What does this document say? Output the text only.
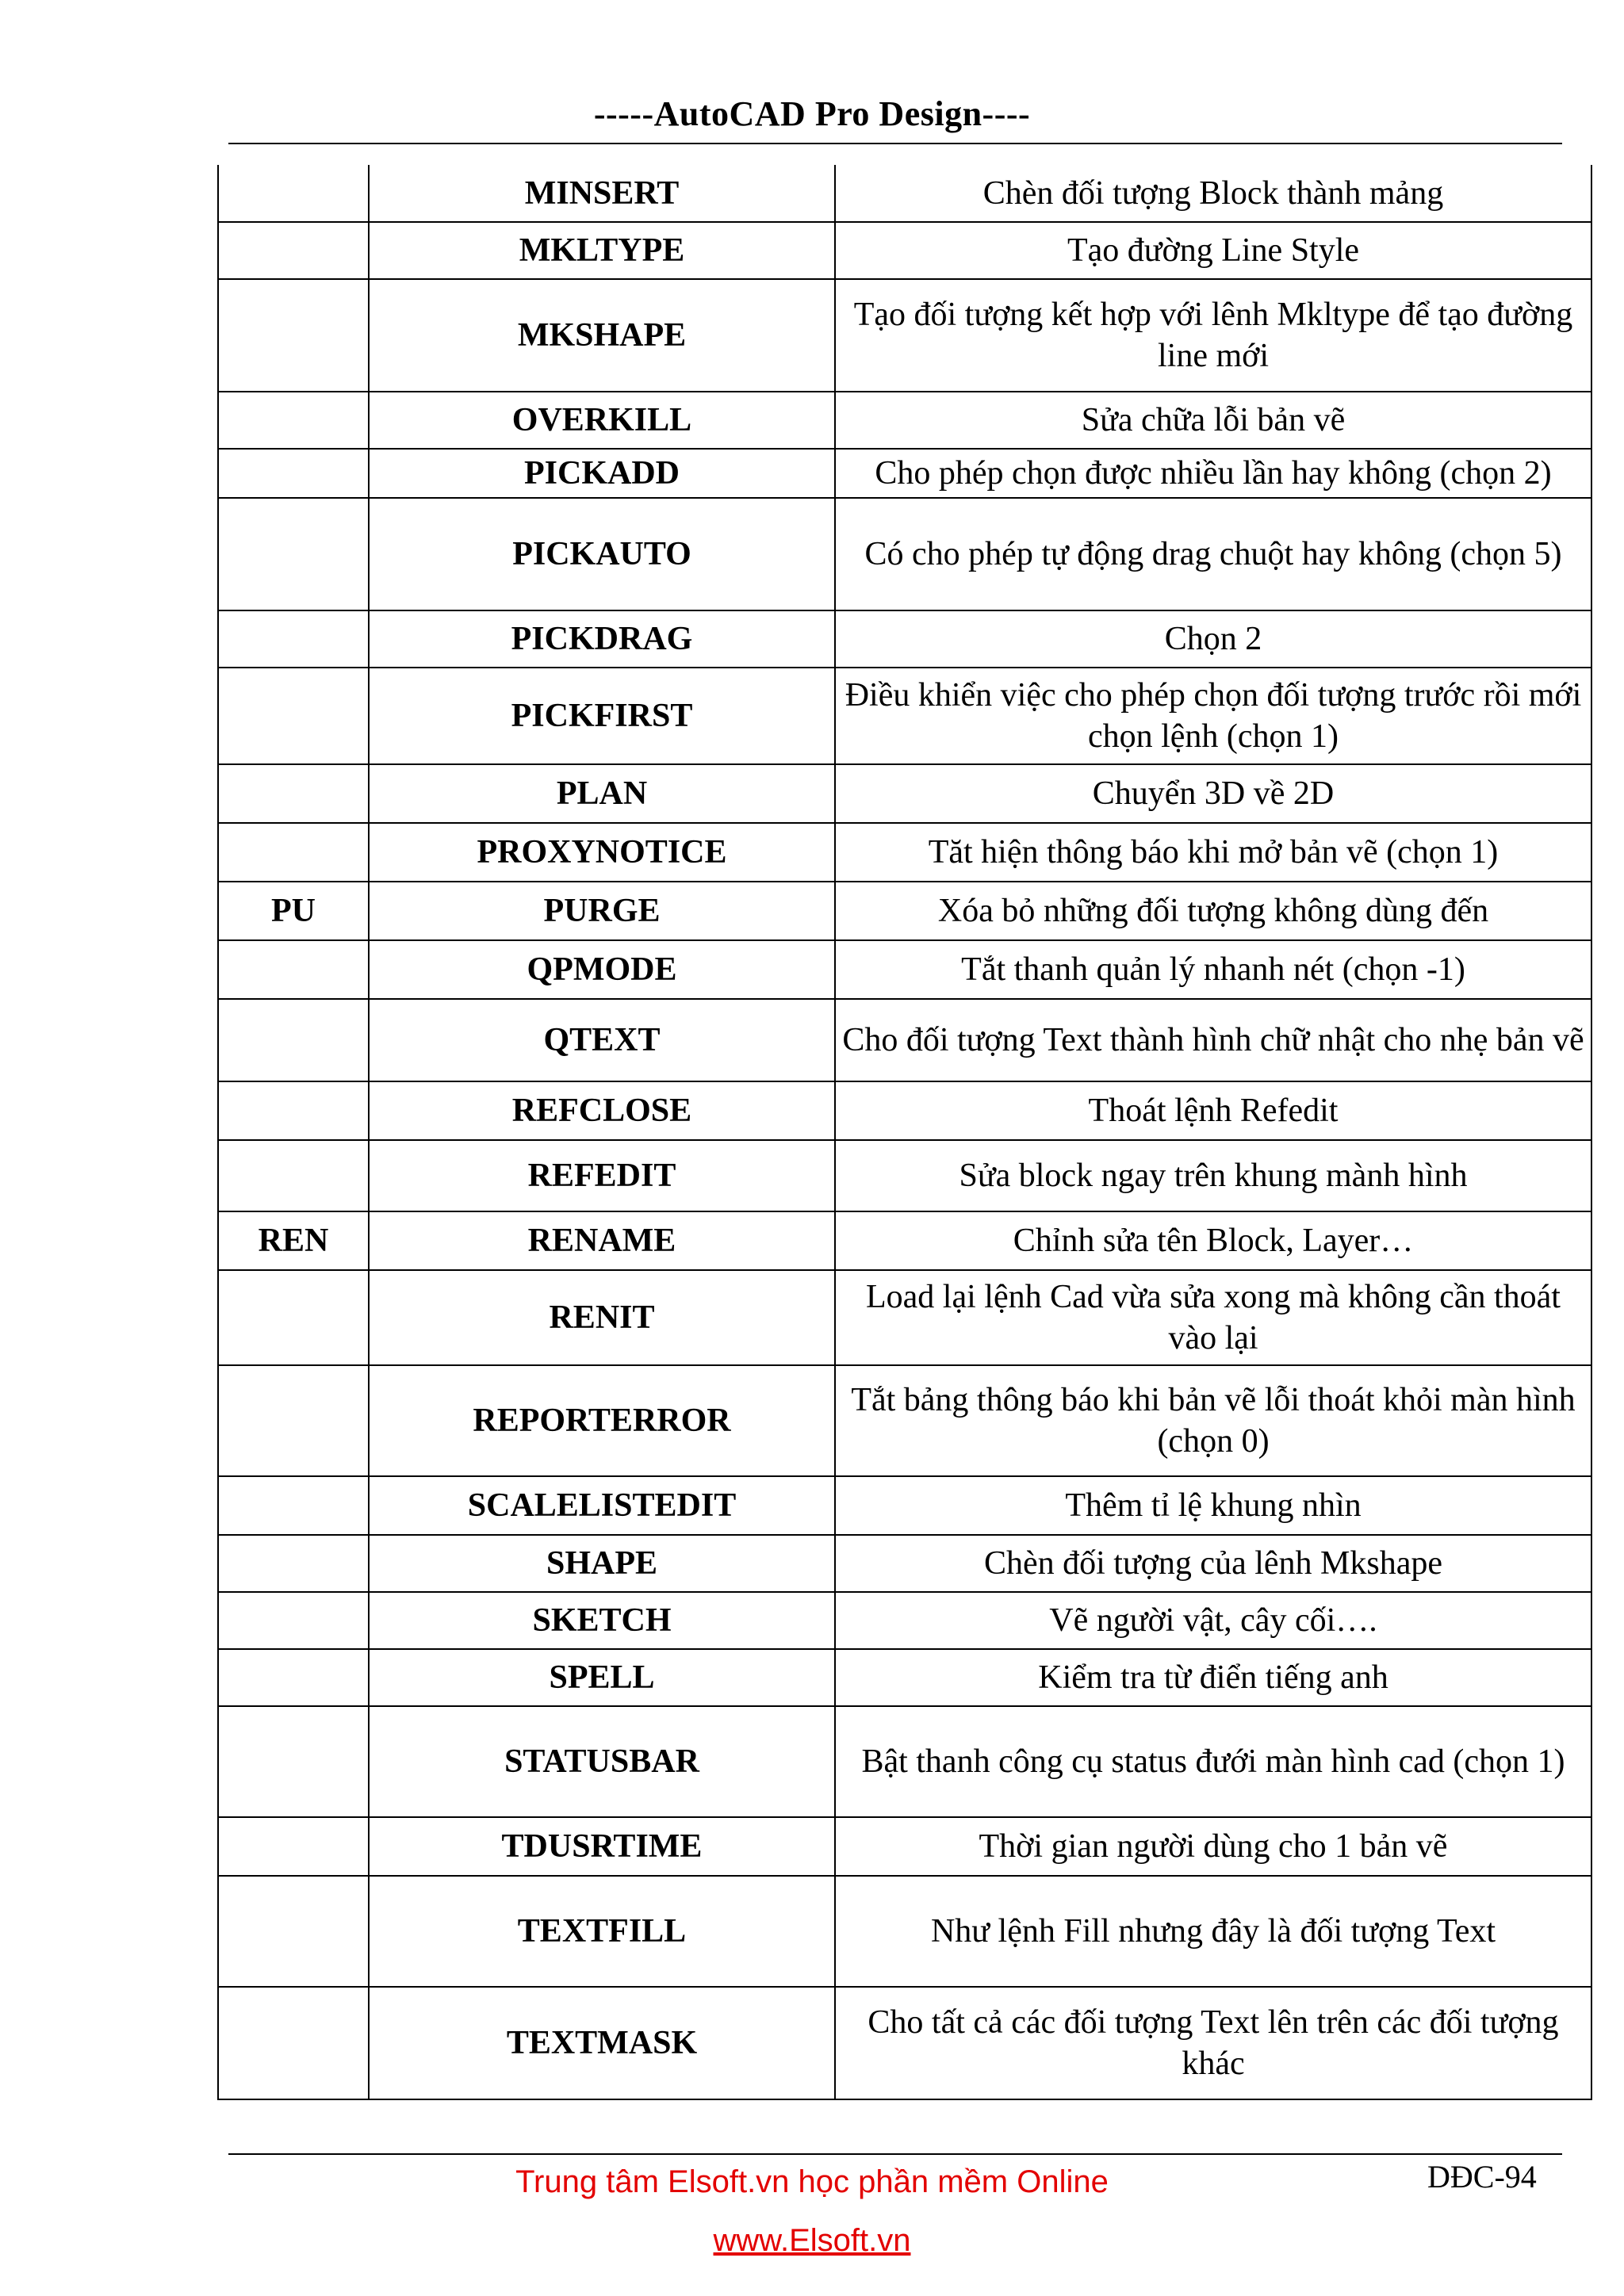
-----AutoCAD Pro Design----
	MINSERT	Chèn đối tượng Block thành mảng
	MKLTYPE	Tạo đường Line Style
	MKSHAPE	Tạo đối tượng kết hợp với lênh Mkltype để tạo đường line mới
	OVERKILL	Sửa chữa lỗi bản vẽ
	PICKADD	Cho phép chọn được nhiều lần hay không (chọn 2)
	PICKAUTO	Có cho phép tự động drag chuột hay không (chọn 5)
	PICKDRAG	Chọn 2
	PICKFIRST	Điều khiển việc cho phép chọn đối tượng trước rồi mới chọn lệnh (chọn 1)
	PLAN	Chuyển 3D về 2D
	PROXYNOTICE	Tăt hiện thông báo khi mở bản vẽ (chọn 1)
PU	PURGE	Xóa bỏ những đối tượng không dùng đến
	QPMODE	Tắt thanh quản lý nhanh nét (chọn -1)
	QTEXT	Cho đối tượng Text thành hình chữ nhật cho nhẹ bản vẽ
	REFCLOSE	Thoát lệnh Refedit
	REFEDIT	Sửa block ngay trên khung mành hình
REN	RENAME	Chỉnh sửa tên Block, Layer…
	RENIT	Load lại lệnh Cad vừa sửa xong mà không cần thoát vào lại
	REPORTERROR	Tắt bảng thông báo khi bản vẽ lỗi thoát khỏi màn hình (chọn 0)
	SCALELISTEDIT	Thêm tỉ lệ khung nhìn
	SHAPE	Chèn đối tượng của lênh Mkshape
	SKETCH	Vẽ người vật, cây cối….
	SPELL	Kiểm tra từ điển tiếng anh
	STATUSBAR	Bật thanh công cụ status đưới màn hình cad (chọn 1)
	TDUSRTIME	Thời gian người dùng cho 1 bản vẽ
	TEXTFILL	Như lệnh Fill nhưng đây là đối tượng Text
	TEXTMASK	Cho tất cả các đối tượng Text lên trên các đối tượng khác
Trung tâm Elsoft.vn học phần mềm Online
www.Elsoft.vn
DĐC-94
